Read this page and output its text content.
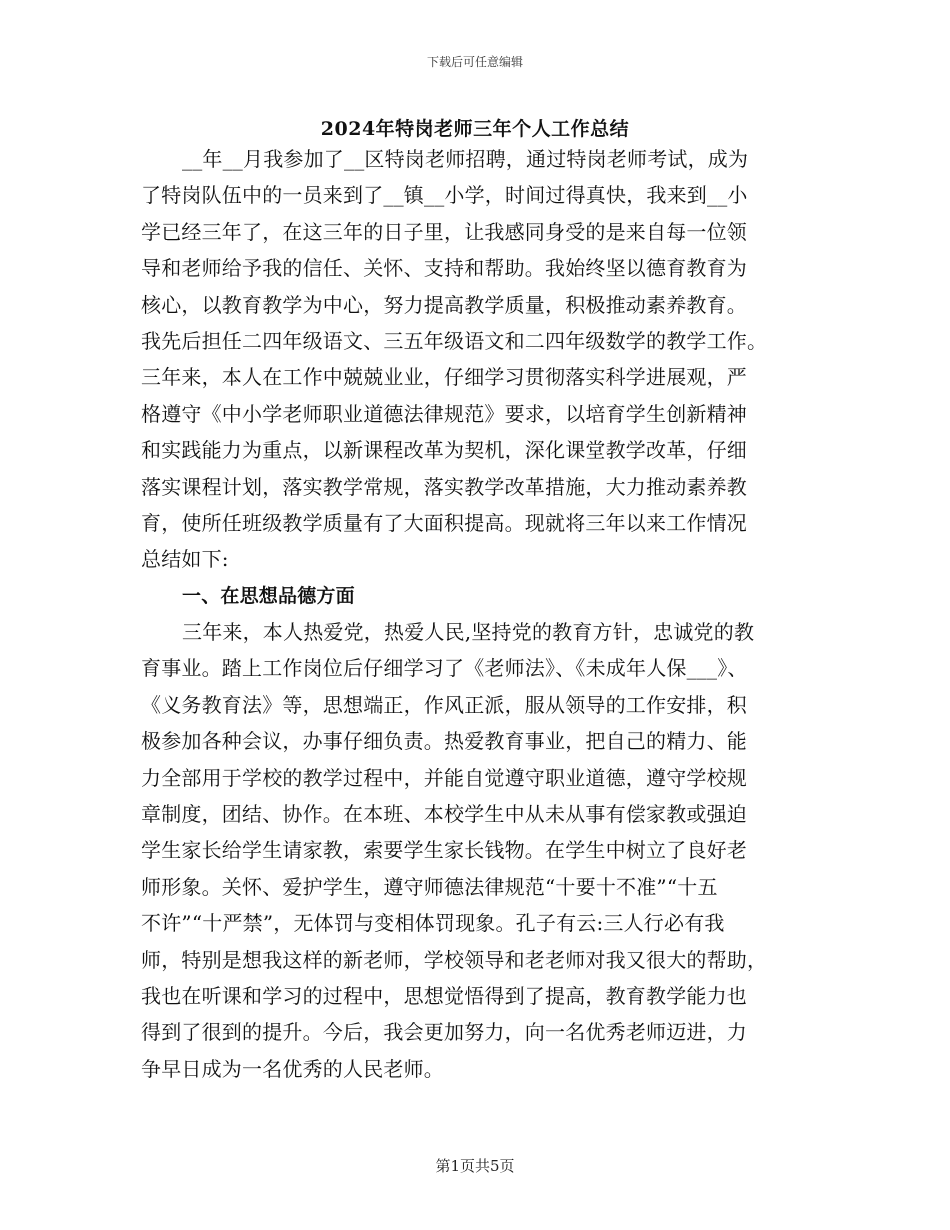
下载后可任意编辑
2024年特岗老师三年个人工作总结
__年__月我参加了__区特岗老师招聘，通过特岗老师考试，成为
了特岗队伍中的一员来到了__镇__小学，时间过得真快，我来到__小
学已经三年了，在这三年的日子里，让我感同身受的是来自每一位领
导和老师给予我的信任、关怀、支持和帮助。我始终坚以德育教育为
核心，以教育教学为中心，努力提高教学质量，积极推动素养教育。
我先后担任二四年级语文、三五年级语文和二四年级数学的教学工作。
三年来，本人在工作中兢兢业业，仔细学习贯彻落实科学进展观，严
格遵守《中小学老师职业道德法律规范》要求，以培育学生创新精神
和实践能力为重点，以新课程改革为契机，深化课堂教学改革，仔细
落实课程计划，落实教学常规，落实教学改革措施，大力推动素养教
育，使所任班级教学质量有了大面积提高。现就将三年以来工作情况
总结如下:
一、在思想品德方面
三年来，本人热爱党，热爱人民,坚持党的教育方针，忠诚党的教
育事业。踏上工作岗位后仔细学习了《老师法》、《未成年人保___》、
《义务教育法》等，思想端正，作风正派，服从领导的工作安排，积
极参加各种会议，办事仔细负责。热爱教育事业，把自己的精力、能
力全部用于学校的教学过程中，并能自觉遵守职业道德，遵守学校规
章制度，团结、协作。在本班、本校学生中从未从事有偿家教或强迫
学生家长给学生请家教，索要学生家长钱物。在学生中树立了良好老
师形象。关怀、爱护学生，遵守师德法律规范“十要十不准”“十五
不许”“十严禁”，无体罚与变相体罚现象。孔子有云:三人行必有我
师，特别是想我这样的新老师，学校领导和老老师对我又很大的帮助，
我也在听课和学习的过程中，思想觉悟得到了提高，教育教学能力也
得到了很到的提升。今后，我会更加努力，向一名优秀老师迈进，力
争早日成为一名优秀的人民老师。
第1页共5页
